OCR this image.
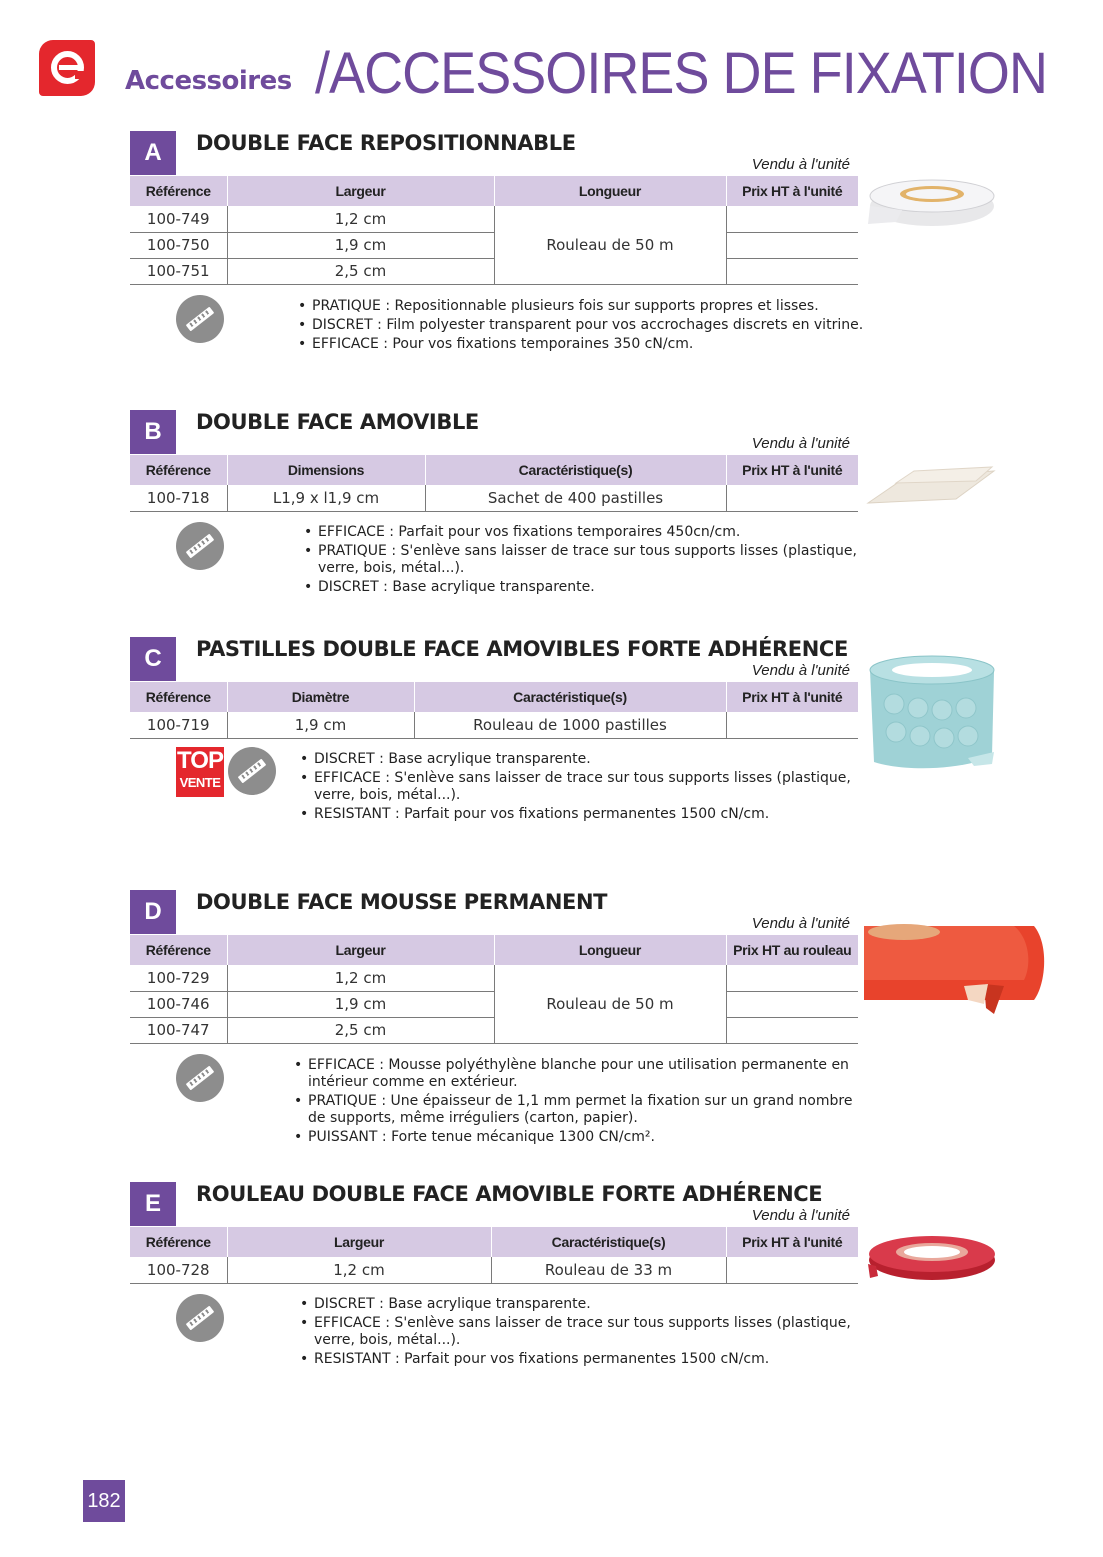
Accessoires /ACCESSOIRES DE FIXATION
A	DOUBLE FACE REPOSITIONNABLE
Vendu à l'unité
Référence	Largeur	Longueur	Prix HT à l'unité
100-749	1,2 cm	Rouleau de 50 m	
100-750	1,9 cm		
100-751	2,5 cm		
• PRATIQUE : Repositionnable plusieurs fois sur supports propres et lisses.
• DISCRET : Film polyester transparent pour vos accrochages discrets en vitrine.
• EFFICACE : Pour vos fixations temporaines 350 cN/cm.
B	DOUBLE FACE AMOVIBLE
Vendu à l'unité
Référence	Dimensions	Caractéristique(s)	Prix HT à l'unité
100-718	L1,9 x l1,9 cm	Sachet de 400 pastilles	
• EFFICACE : Parfait pour vos fixations temporaires 450cn/cm.
• PRATIQUE : S'enlève sans laisser de trace sur tous supports lisses (plastique, verre, bois, métal...).
• DISCRET : Base acrylique transparente.
C	PASTILLES DOUBLE FACE AMOVIBLES FORTE ADHÉRENCE
Vendu à l'unité
Référence	Diamètre	Caractéristique(s)	Prix HT à l'unité
100-719	1,9 cm	Rouleau de 1000 pastilles	
TOP
VENTE
• DISCRET : Base acrylique transparente.
• EFFICACE : S'enlève sans laisser de trace sur tous supports lisses (plastique, verre, bois, métal...).
• RESISTANT : Parfait pour vos fixations permanentes 1500 cN/cm.
D	DOUBLE FACE MOUSSE PERMANENT
Vendu à l'unité
Référence	Largeur	Longueur	Prix HT au rouleau
100-729	1,2 cm	Rouleau de 50 m	
100-746	1,9 cm		
100-747	2,5 cm		
• EFFICACE : Mousse polyéthylène blanche pour une utilisation permanente en intérieur comme en extérieur.
• PRATIQUE : Une épaisseur de 1,1 mm permet la fixation sur un grand nombre de supports, même irréguliers (carton, papier).
• PUISSANT : Forte tenue mécanique 1300 CN/cm².
E	ROULEAU DOUBLE FACE AMOVIBLE FORTE ADHÉRENCE
Vendu à l'unité
Référence	Largeur	Caractéristique(s)	Prix HT à l'unité
100-728	1,2 cm	Rouleau de 33 m	
• DISCRET : Base acrylique transparente.
• EFFICACE : S'enlève sans laisser de trace sur tous supports lisses (plastique, verre, bois, métal...).
• RESISTANT : Parfait pour vos fixations permanentes 1500 cN/cm.
182
